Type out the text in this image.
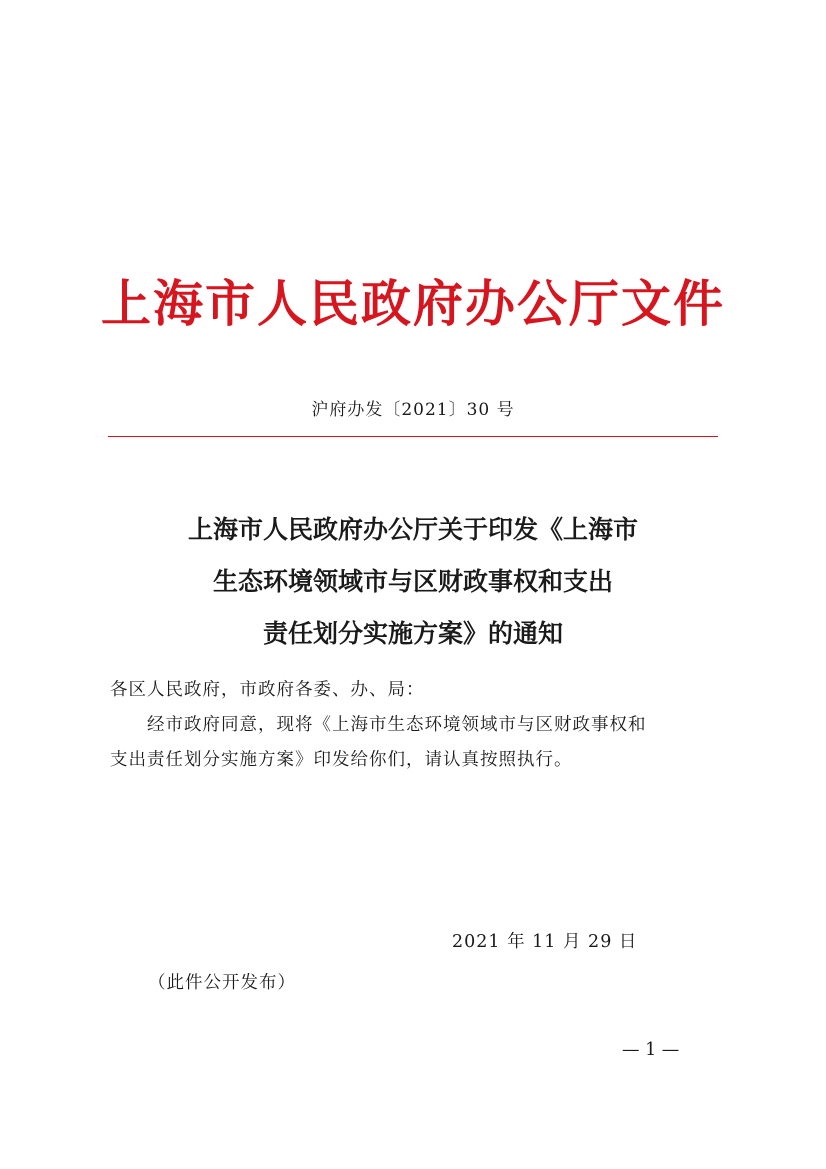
上海市人民政府办公厅文件
沪府办发〔2021〕30 号
上海市人民政府办公厅关于印发《上海市
生态环境领域市与区财政事权和支出
责任划分实施方案》的通知
各区人民政府，市政府各委、办、局：
经市政府同意，现将《上海市生态环境领域市与区财政事权和
支出责任划分实施方案》印发给你们，请认真按照执行。
2021 年 11 月 29 日
（此件公开发布）
— 1 —
